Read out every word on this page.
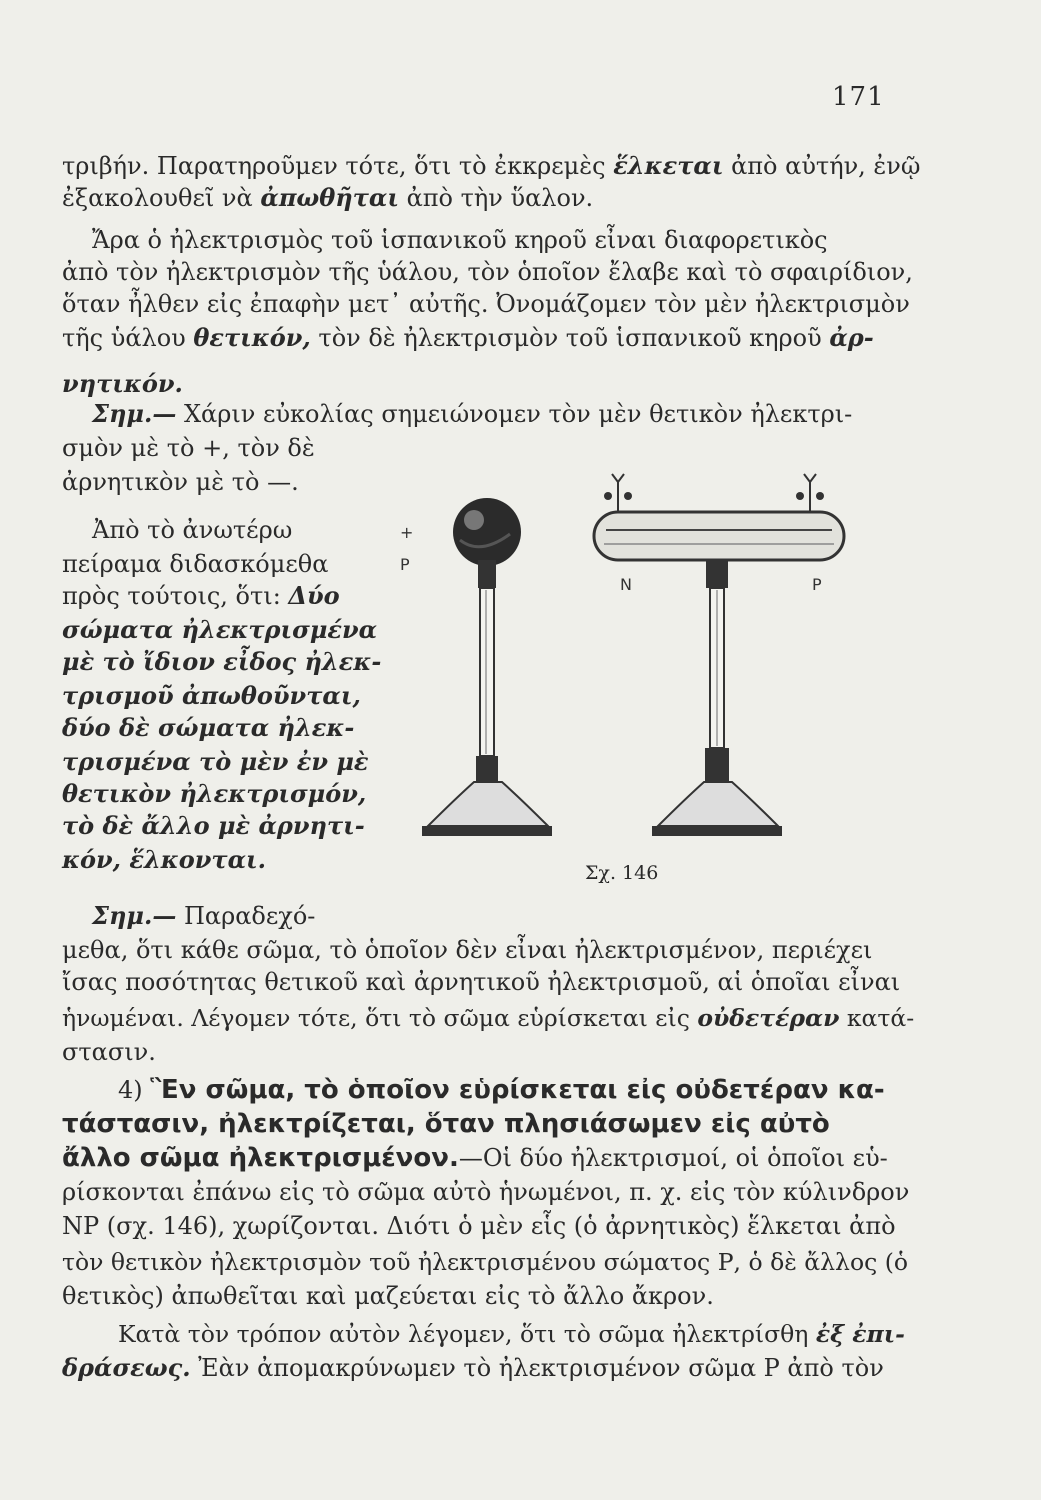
171
τριβήν. Παρατηροῦμεν τότε, ὅτι τὸ ἐκκρεμὲς ἕλκεται ἀπὸ αὐτήν, ἐνῷ
ἐξακολουθεῖ νὰ ἀπωθῆται ἀπὸ τὴν ὕαλον.
Ἄρα ὁ ἠλεκτρισμὸς τοῦ ἱσπανικοῦ κηροῦ εἶναι διαφορετικὸς
ἀπὸ τὸν ἠλεκτρισμὸν τῆς ὑάλου, τὸν ὁποῖον ἔλαβε καὶ τὸ σφαιρίδιον,
ὅταν ἦλθεν εἰς ἐπαφὴν μετ᾽ αὐτῆς. Ὀνομάζομεν τὸν μὲν ἠλεκτρισμὸν
τῆς ὑάλου θετικόν, τὸν δὲ ἠλεκτρισμὸν τοῦ ἱσπανικοῦ κηροῦ ἀρ-
νητικόν.
Σημ.— Χάριν εὐκολίας σημειώνομεν τὸν μὲν θετικὸν ἠλεκτρι-
σμὸν μὲ τὸ +, τὸν δὲ
ἀρνητικὸν μὲ τὸ —.
Ἀπὸ τὸ ἀνωτέρω
πείραμα διδασκόμεθα
πρὸς τούτοις, ὅτι: Δύο
σώματα ἠλεκτρισμένα
μὲ τὸ ἴδιον εἶδος ἠλεκ-
τρισμοῦ ἀπωθοῦνται,
δύο δὲ σώματα ἠλεκ-
τρισμένα τὸ μὲν ἐν μὲ
θετικὸν ἠλεκτρισμόν,
τὸ δὲ ἄλλο μὲ ἀρνητι-
κόν, ἕλκονται.
Σημ.— Παραδεχό-
μεθα, ὅτι κάθε σῶμα, τὸ ὁποῖον δὲν εἶναι ἠλεκτρισμένον, περιέχει
ἴσας ποσότητας θετικοῦ καὶ ἀρνητικοῦ ἠλεκτρισμοῦ, αἱ ὁποῖαι εἶναι
ἡνωμέναι. Λέγομεν τότε, ὅτι τὸ σῶμα εὑρίσκεται εἰς οὐδετέραν κατά-
στασιν.
4) Ἓν σῶμα, τὸ ὁποῖον εὑρίσκεται εἰς οὐδετέραν κα-
τάστασιν, ἠλεκτρίζεται, ὅταν πλησιάσωμεν εἰς αὐτὸ
ἄλλο σῶμα ἠλεκτρισμένον.—Οἱ δύο ἠλεκτρισμοί, οἱ ὁποῖοι εὑ-
ρίσκονται ἐπάνω εἰς τὸ σῶμα αὐτὸ ἡνωμένοι, π. χ. εἰς τὸν κύλινδρον
ΝΡ (σχ. 146), χωρίζονται. Διότι ὁ μὲν εἷς (ὁ ἀρνητικὸς) ἕλκεται ἀπὸ
τὸν θετικὸν ἠλεκτρισμὸν τοῦ ἠλεκτρισμένου σώματος Ρ, ὁ δὲ ἄλλος (ὁ
θετικὸς) ἀπωθεῖται καὶ μαζεύεται εἰς τὸ ἄλλο ἄκρον.
Κατὰ τὸν τρόπον αὐτὸν λέγομεν, ὅτι τὸ σῶμα ἠλεκτρίσθη ἐξ ἐπι-
δράσεως. Ἐὰν ἀπομακρύνωμεν τὸ ἠλεκτρισμένον σῶμα Ρ ἀπὸ τὸν
+
P
N	P
Σχ. 146
